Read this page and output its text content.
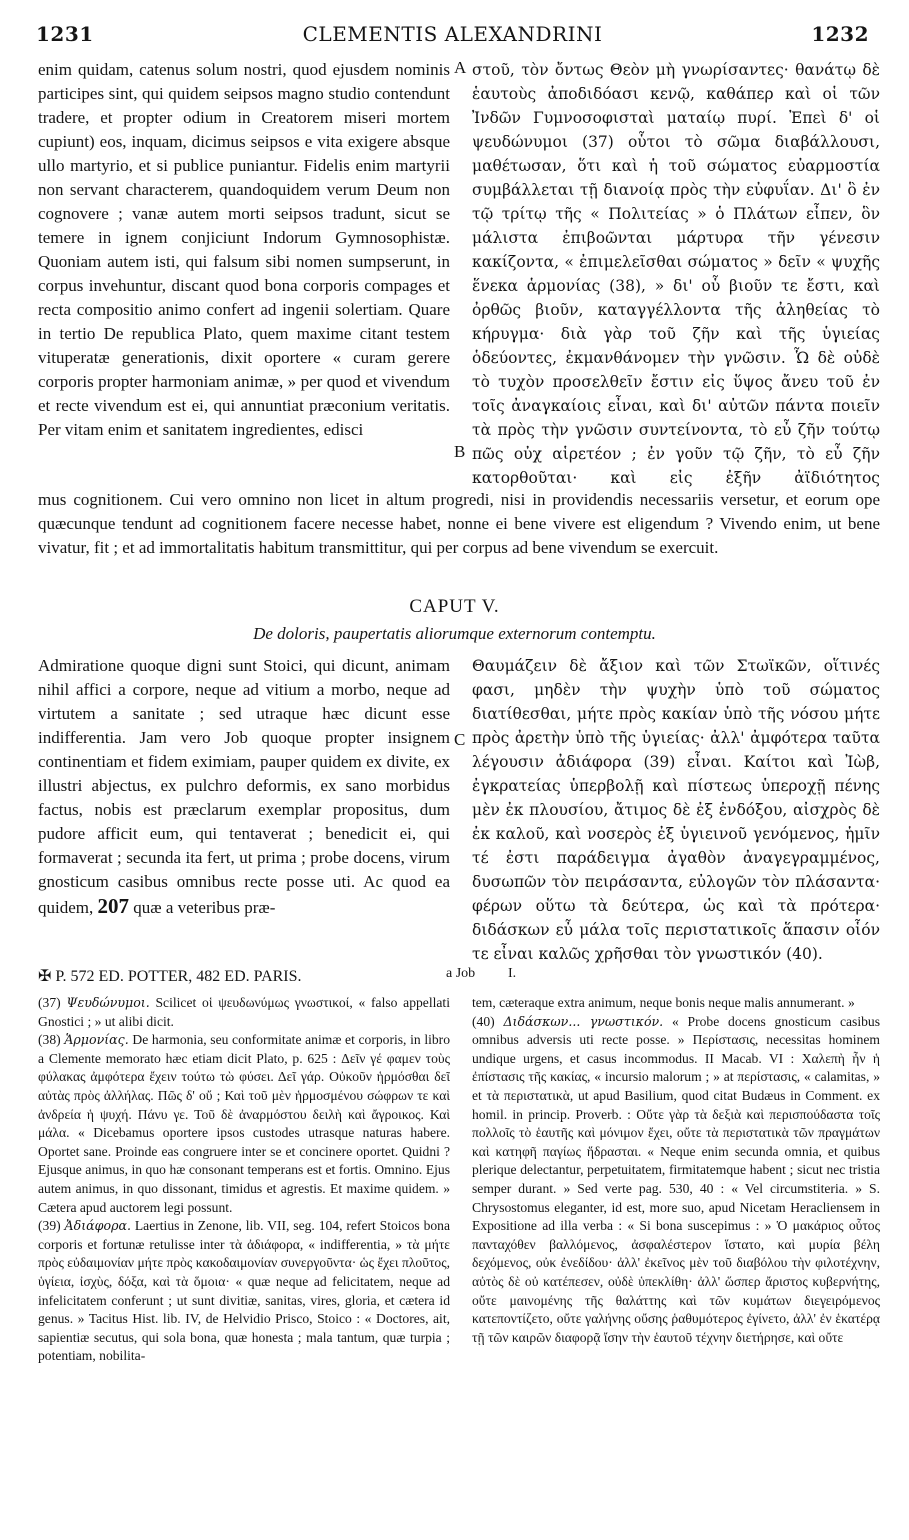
1231	CLEMENTIS ALEXANDRINI	1232
enim quidam, catenus solum nostri, quod ejusdem nominis participes sint, qui quidem seipsos magno studio contendunt tradere, et propter odium in Creatorem miseri mortem cupiunt) eos, inquam, dicimus seipsos e vita exigere absque ullo martyrio, et si publice puniantur. Fidelis enim martyrii non servant characterem, quandoquidem verum Deum non cognovere ; vanæ autem morti seipsos tradunt, sicut se temere in ignem conjiciunt Indorum Gymnosophistæ. Quoniam autem isti, qui falsum sibi nomen sumpserunt, in corpus invehuntur, discant quod bona corporis compages et recta compositio animo confert ad ingenii solertiam. Quare in tertio De republica Plato, quem maxime citant testem vituperatæ generationis, dixit oportere « curam gerere corporis propter harmoniam animæ, » per quod et vivendum et recte vivendum est ei, qui annuntiat præconium veritatis. Per vitam enim et sanitatem ingredientes, edisci
στοῦ, τὸν ὄντως Θεὸν μὴ γνωρίσαντες· θανάτῳ δὲ ἑαυτοὺς ἀποδιδόασι κενῷ, καθάπερ καὶ οἱ τῶν Ἰνδῶν Γυμνοσοφισταὶ ματαίῳ πυρί. Ἐπεὶ δ' οἱ ψευδώνυμοι (37) οὗτοι τὸ σῶμα διαβάλλουσι, μαθέτωσαν, ὅτι καὶ ἡ τοῦ σώματος εὐαρμοστία συμβάλλεται τῇ διανοίᾳ πρὸς τὴν εὐφυΐαν. Δι' ὃ ἐν τῷ τρίτῳ τῆς « Πολιτείας » ὁ Πλάτων εἶπεν, ὃν μάλιστα ἐπιβοῶνται μάρτυρα τῆν γένεσιν κακίζοντα, « ἐπιμελεῖσθαι σώματος » δεῖν « ψυχῆς ἕνεκα ἁρμονίας (38), » δι' οὗ βιοῦν τε ἔστι, καὶ ὀρθῶς βιοῦν, καταγγέλλοντα τῆς ἀληθείας τὸ κήρυγμα· διὰ γὰρ τοῦ ζῆν καὶ τῆς ὑγιείας ὁδεύοντες, ἐκμανθάνομεν τὴν γνῶσιν. Ὧ δὲ οὐδὲ τὸ τυχὸν προσελθεῖν ἔστιν εἰς ὕψος ἄνευ τοῦ ἐν τοῖς ἀναγκαίοις εἶναι, καὶ δι' αὐτῶν πάντα ποιεῖν τὰ πρὸς τὴν γνῶσιν συντείνοντα, τὸ εὖ ζῆν τούτῳ πῶς οὐχ αἱρετέον ; ἐν γοῦν τῷ ζῆν, τὸ εὖ ζῆν κατορθοῦται· καὶ εἰς ἐξῆν ἀϊδιότητος
A
B
mus cognitionem. Cui vero omnino non licet in altum progredi, nisi in providendis necessariis versetur, et eorum ope quæcunque tendunt ad cognitionem facere necesse habet, nonne ei bene vivere est eligendum ? Vivendo enim, ut bene vivatur, fit ; et ad immortalitatis habitum transmittitur, qui per corpus ad bene vivendum se exercuit.
CAPUT V.
De doloris, paupertatis aliorumque externorum contemptu.
Admiratione quoque digni sunt Stoici, qui dicunt, animam nihil affici a corpore, neque ad vitium a morbo, neque ad virtutem a sanitate ; sed utraque hæc dicunt esse indifferentia. Jam vero Job quoque propter insignem continentiam et fidem eximiam, pauper quidem ex divite, ex illustri abjectus, ex pulchro deformis, ex sano morbidus factus, nobis est præclarum exemplar propositus, dum pudore afficit eum, qui tentaverat ; benedicit ei, qui formaverat ; secunda ita fert, ut prima ; probe docens, virum gnosticum casibus omnibus recte posse uti. Ac quod ea quidem, 207 quæ a veteribus præ-
Θαυμάζειν δὲ ἄξιον καὶ τῶν Στωϊκῶν, οἵτινές φασι, μηδὲν τὴν ψυχὴν ὑπὸ τοῦ σώματος διατίθεσθαι, μήτε πρὸς κακίαν ὑπὸ τῆς νόσου μήτε πρὸς ἀρετὴν ὑπὸ τῆς ὑγιείας· ἀλλ' ἀμφότερα ταῦτα λέγουσιν ἀδιάφορα (39) εἶναι. Καίτοι καὶ Ἰὼβ, ἐγκρατείας ὑπερβολῇ καὶ πίστεως ὑπεροχῇ πένης μὲν ἐκ πλουσίου, ἄτιμος δὲ ἐξ ἐνδόξου, αἰσχρὸς δὲ ἐκ καλοῦ, καὶ νοσερὸς ἐξ ὑγιεινοῦ γενόμενος, ἡμῖν τέ ἐστι παράδειγμα ἀγαθὸν ἀναγεγραμμένος, δυσωπῶν τὸν πειράσαντα, εὐλογῶν τὸν πλάσαντα· φέρων οὕτω τὰ δεύτερα, ὡς καὶ τὰ πρότερα· διδάσκων εὖ μάλα τοῖς περιστατικοῖς ἅπασιν οἷόν τε εἶναι καλῶς χρῆσθαι τὸν γνωστικόν (40).
C
✠ P. 572 ED. POTTER, 482 ED. PARIS.	a Job I.

(37) Ψευδώνυμοι. Scilicet οἱ ψευδωνύμως γνωστικοί, « falso appellati Gnostici ; » ut alibi dicit.

(38) Ἁρμονίας. De harmonia, seu conformitate animæ et corporis, in libro a Clemente memorato hæc etiam dicit Plato, p. 625 : Δεῖν γέ φαμεν τοὺς φύλακας ἀμφότερα ἔχειν τούτω τὼ φύσει. Δεῖ γάρ. Οὐκοῦν ἡρμόσθαι δεῖ αὐτὰς πρὸς ἀλλήλας. Πῶς δ' οὔ ; Καὶ τοῦ μὲν ἡρμοσμένου σώφρων τε καὶ ἀνδρεία ἡ ψυχή. Πάνυ γε. Τοῦ δὲ ἀναρμόστου δειλὴ καὶ ἄγροικος. Καὶ μάλα. « Dicebamus oportere ipsos custodes utrasque naturas habere. Oportet sane. Proinde eas congruere inter se et concinere oportet. Quidni ? Ejusque animus, in quo hæ consonant temperans est et fortis. Omnino. Ejus autem animus, in quo dissonant, timidus et agrestis. Et maxime quidem. » Cætera apud auctorem legi possunt.

(39) Ἀδιάφορα. Laertius in Zenone, lib. VII, seg. 104, refert Stoicos bona corporis et fortunæ retulisse inter τὰ ἀδιάφορα, « indifferentia, » τὰ μήτε πρὸς εὐδαιμονίαν μήτε πρὸς κακοδαιμονίαν συνεργοῦντα· ὡς ἔχει πλοῦτος, ὑγίεια, ἰσχὺς, δόξα, καὶ τὰ ὅμοια· « quæ neque ad felicitatem, neque ad infelicitatem conferunt ; ut sunt divitiæ, sanitas, vires, gloria, et cætera id genus. » Tacitus Hist. lib. IV, de Helvidio Prisco, Stoico : « Doctores, ait, sapientiæ secutus, qui sola bona, quæ honesta ; mala tantum, quæ turpia ; potentiam, nobilita-

tem, cæteraque extra animum, neque bonis neque malis annumerant. »

(40) Διδάσκων... γνωστικόν. « Probe docens gnosticum casibus omnibus adversis uti recte posse. » Περίστασις, necessitas hominem undique urgens, et casus incommodus. II Macab. VI : Χαλεπὴ ἦν ἡ ἐπίστασις τῆς κακίας, « incursio malorum ; » at περίστασις, « calamitas, » et τὰ περιστατικὰ, ut apud Basilium, quod citat Budæus in Comment. ex homil. in princip. Proverb. : Οὔτε γὰρ τὰ δεξιὰ καὶ περισπούδαστα τοῖς πολλοῖς τὸ ἑαυτῆς καὶ μόνιμον ἔχει, οὔτε τὰ περιστατικὰ τῶν πραγμάτων καὶ κατηφῆ παγίως ἥδρασται. « Neque enim secunda omnia, et quibus plerique delectantur, perpetuitatem, firmitatemque habent ; sicut nec tristia semper durant. » Sed verte pag. 530, 40 : « Vel circumstiteria. » S. Chrysostomus eleganter, id est, more suo, apud Nicetam Heracliensem in Expositione ad illa verba : « Si bona suscepimus : » Ὁ μακάριος οὗτος πανταχόθεν βαλλόμενος, ἀσφαλέστερον ἵστατο, καὶ μυρία βέλη δεχόμενος, οὐκ ἐνεδίδου· ἀλλ' ἐκεῖνος μὲν τοῦ διαβόλου τὴν φιλοτέχνην, αὐτὸς δὲ οὐ κατέπεσεν, οὐδὲ ὑπεκλίθη· ἀλλ' ὥσπερ ἄριστος κυβερνήτης, οὔτε μαινομένης τῆς θαλάττης καὶ τῶν κυμάτων διεγειρόμενος κατεποντίζετο, οὔτε γαλήνης οὔσης ῥαθυμότερος ἐγίνετο, ἀλλ' ἐν ἑκατέρᾳ τῇ τῶν καιρῶν διαφορᾷ ἴσην τὴν ἑαυτοῦ τέχνην διετήρησε, καὶ οὔτε
